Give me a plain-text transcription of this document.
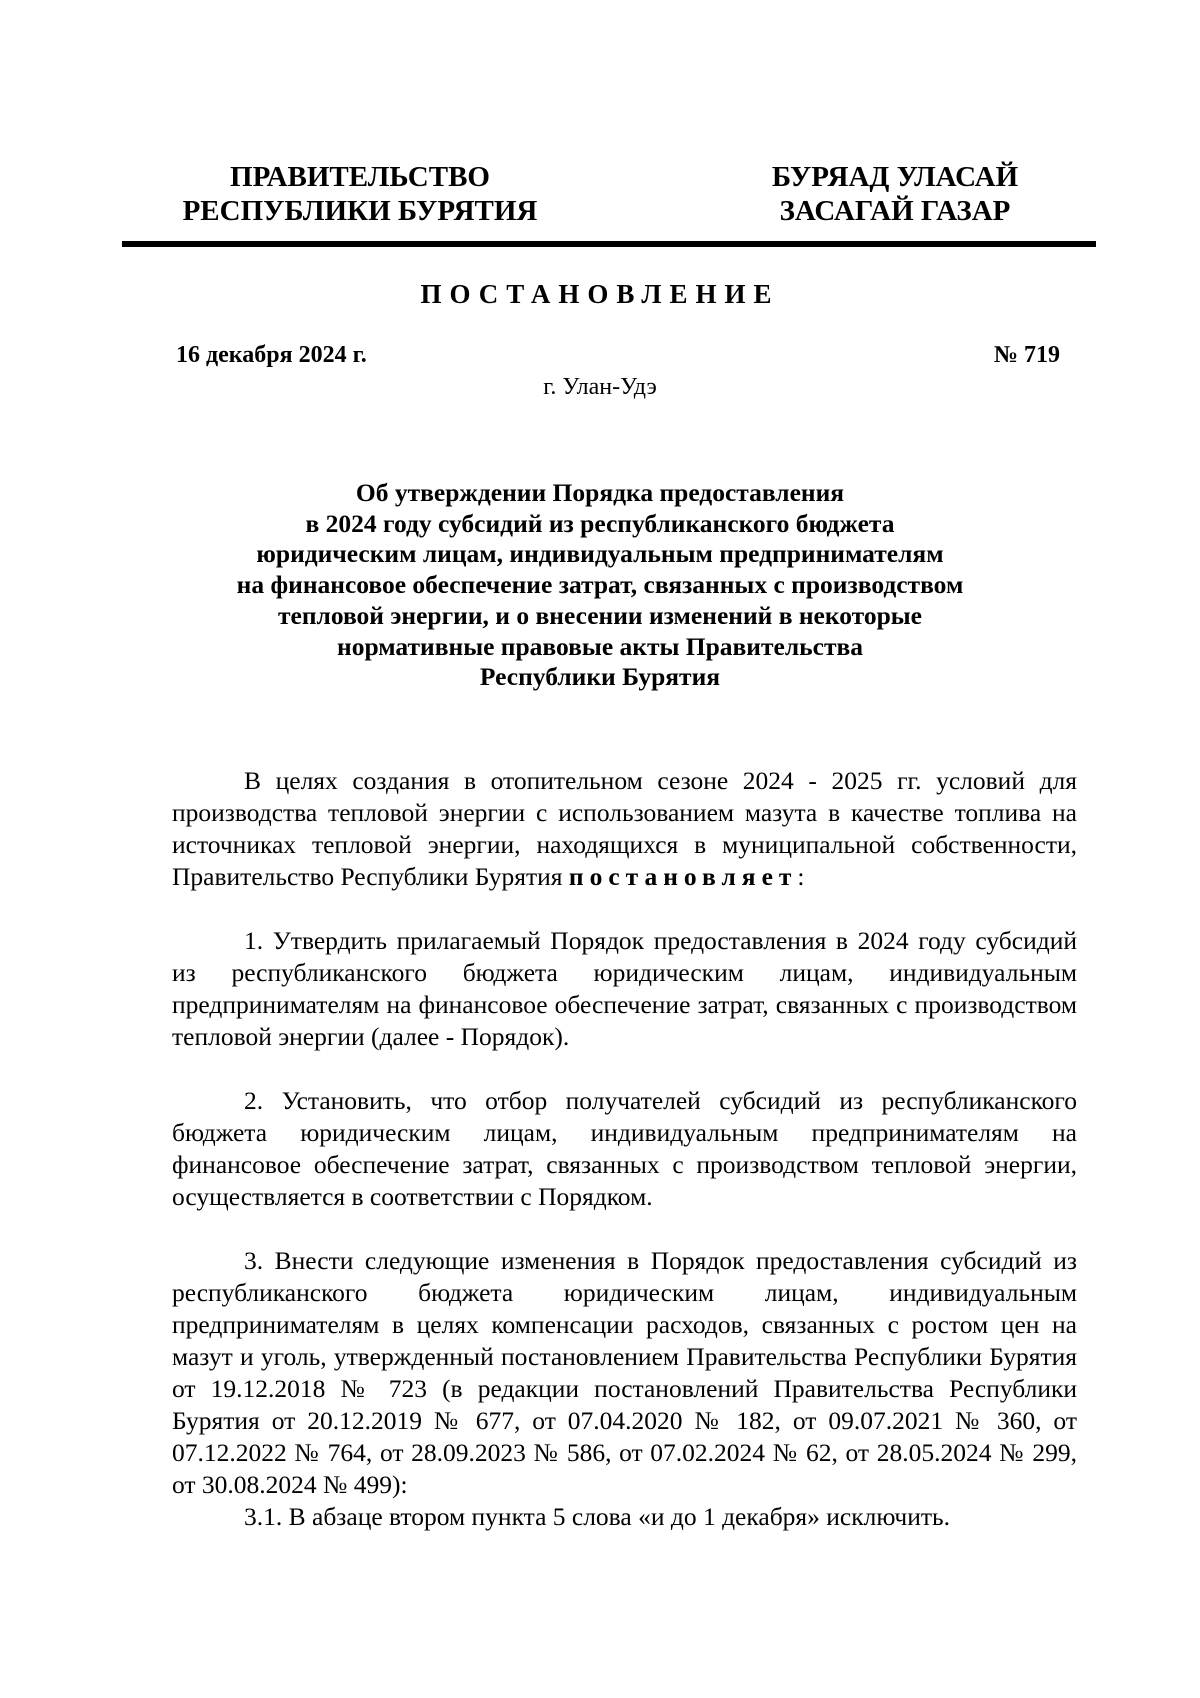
ПРАВИТЕЛЬСТВО
РЕСПУБЛИКИ БУРЯТИЯ
БУРЯАД УЛАСАЙ
ЗАСАГАЙ ГАЗАР
ПОСТАНОВЛЕНИЕ
16 декабря 2024 г.	№ 719
г. Улан-Удэ
Об утверждении Порядка предоставления
в 2024 году субсидий из республиканского бюджета
юридическим лицам, индивидуальным предпринимателям
на финансовое обеспечение затрат, связанных с производством
тепловой энергии, и о внесении изменений в некоторые
нормативные правовые акты Правительства
Республики Бурятия

В целях создания в отопительном сезоне 2024 - 2025 гг. условий для производства тепловой энергии с использованием мазута в качестве топлива на источниках тепловой энергии, находящихся в муниципальной собственности, Правительство Республики Бурятия постановляет:

1. Утвердить прилагаемый Порядок предоставления в 2024 году субсидий из республиканского бюджета юридическим лицам, индивидуальным предпринимателям на финансовое обеспечение затрат, связанных с производством тепловой энергии (далее - Порядок).

2. Установить, что отбор получателей субсидий из республиканского бюджета юридическим лицам, индивидуальным предпринимателям на финансовое обеспечение затрат, связанных с производством тепловой энергии, осуществляется в соответствии с Порядком.

3. Внести следующие изменения в Порядок предоставления субсидий из республиканского бюджета юридическим лицам, индивидуальным предпринимателям в целях компенсации расходов, связанных с ростом цен на мазут и уголь, утвержденный постановлением Правительства Республики Бурятия от 19.12.2018 № 723 (в редакции постановлений Правительства Республики Бурятия от 20.12.2019 № 677, от 07.04.2020 № 182, от 09.07.2021 № 360, от 07.12.2022 № 764, от 28.09.2023 № 586, от 07.02.2024 № 62, от 28.05.2024 № 299, от 30.08.2024 № 499):

3.1. В абзаце втором пункта 5 слова «и до 1 декабря» исключить.
